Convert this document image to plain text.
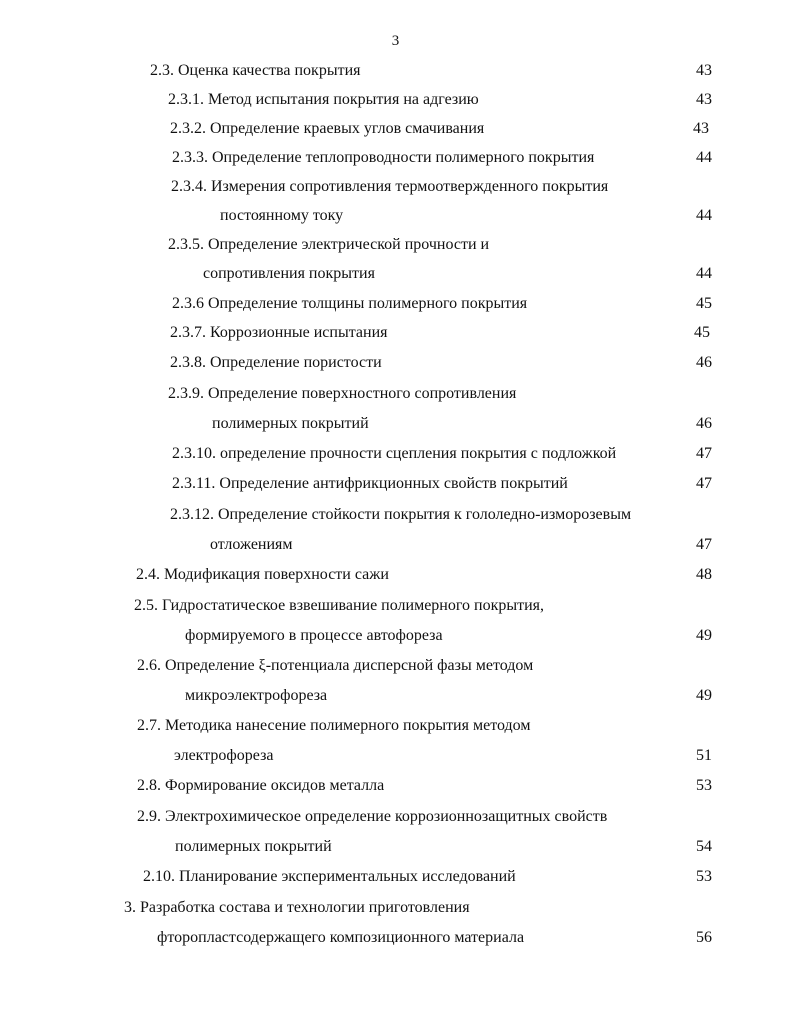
3
2.3. Оценка качества покрытия	43
2.3.1. Метод испытания покрытия на адгезию	43
2.3.2. Определение краевых углов смачивания	43
2.3.3. Определение теплопроводности полимерного покрытия	44
2.3.4. Измерения сопротивления термоотвержденного покрытия
постоянному току	44
2.3.5. Определение электрической прочности и
сопротивления покрытия	44
2.3.6 Определение толщины полимерного покрытия	45
2.3.7. Коррозионные испытания	45
2.3.8. Определение пористости	46
2.3.9. Определение поверхностного сопротивления
полимерных покрытий	46
2.3.10. определение прочности сцепления покрытия с подложкой	47
2.3.11. Определение антифрикционных свойств покрытий	47
2.3.12. Определение стойкости покрытия к гололедно-изморозевым
отложениям	47
2.4. Модификация поверхности сажи	48
2.5. Гидростатическое взвешивание полимерного покрытия,
формируемого в процессе автофореза	49
2.6. Определение ξ-потенциала дисперсной фазы методом
микроэлектрофореза	49
2.7. Методика нанесение полимерного покрытия методом
электрофореза	51
2.8. Формирование оксидов металла	53
2.9. Электрохимическое определение коррозионнозащитных свойств
полимерных покрытий	54
2.10. Планирование экспериментальных исследований	53
3. Разработка состава и технологии приготовления
фторопластсодержащего композиционного материала	56
